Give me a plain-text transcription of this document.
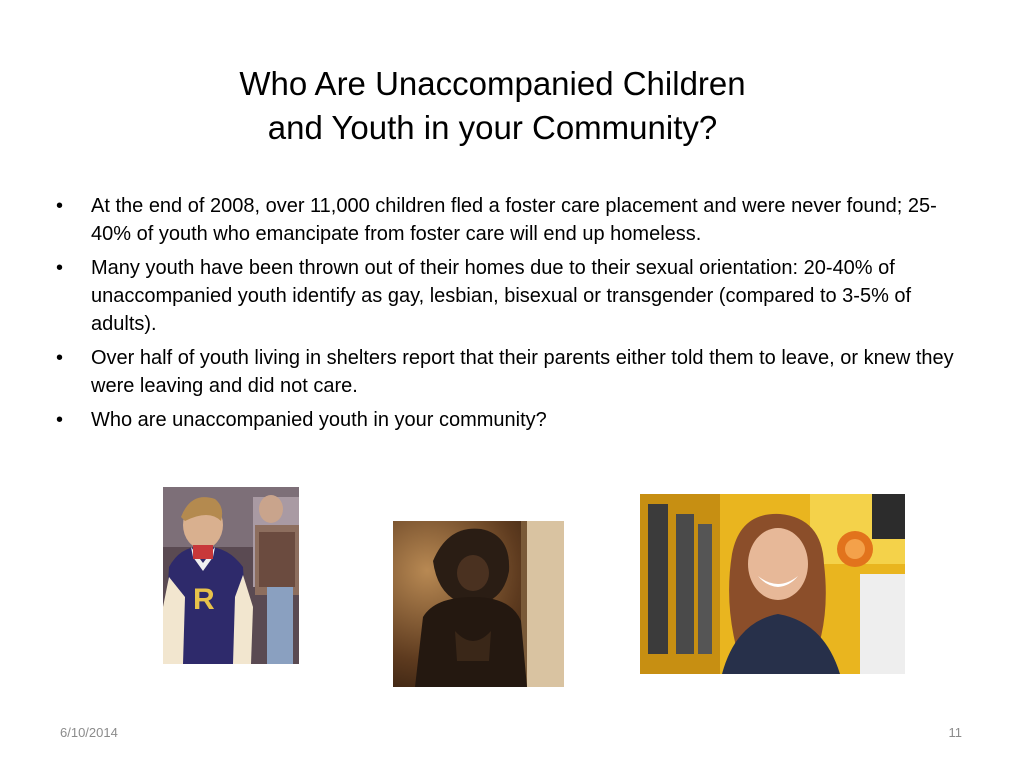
Who Are Unaccompanied Children
and Youth in your Community?
• At the end of 2008, over 11,000 children fled a foster care placement and were never found; 25-40% of youth who emancipate from foster care will end up homeless.
• Many youth have been thrown out of their homes due to their sexual orientation: 20-40% of unaccompanied youth identify as gay, lesbian, bisexual or transgender (compared to 3-5% of adults).
• Over half of youth living in shelters report that their parents either told them to leave, or knew they were leaving and did not care.
• Who are unaccompanied youth in your community?
R
6/10/2014	11
